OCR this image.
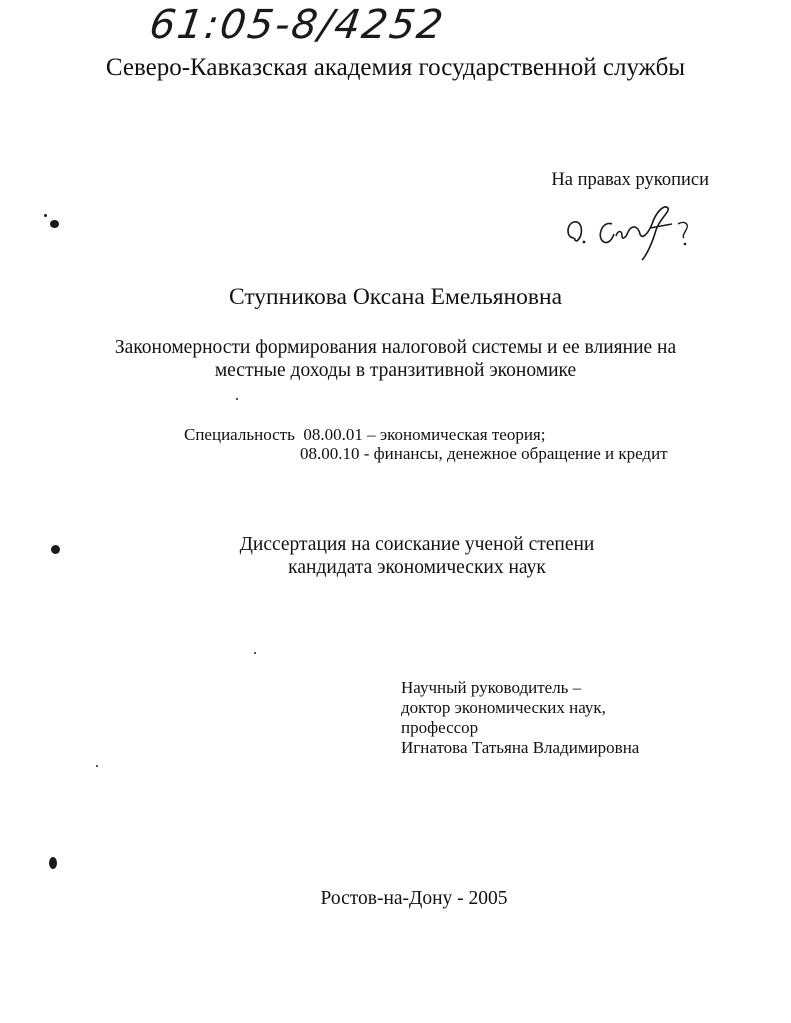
61:05-8/4252
Северо-Кавказская академия государственной службы
На правах рукописи
Ступникова Оксана Емельяновна
Закономерности формирования налоговой системы и ее влияние на
местные доходы в транзитивной экономике
Специальность 08.00.01 – экономическая теория;
08.00.10 - финансы, денежное обращение и кредит
Диссертация на соискание ученой степени
кандидата экономических наук
Научный руководитель –
доктор экономических наук,
профессор
Игнатова Татьяна Владимировна
Ростов-на-Дону - 2005
